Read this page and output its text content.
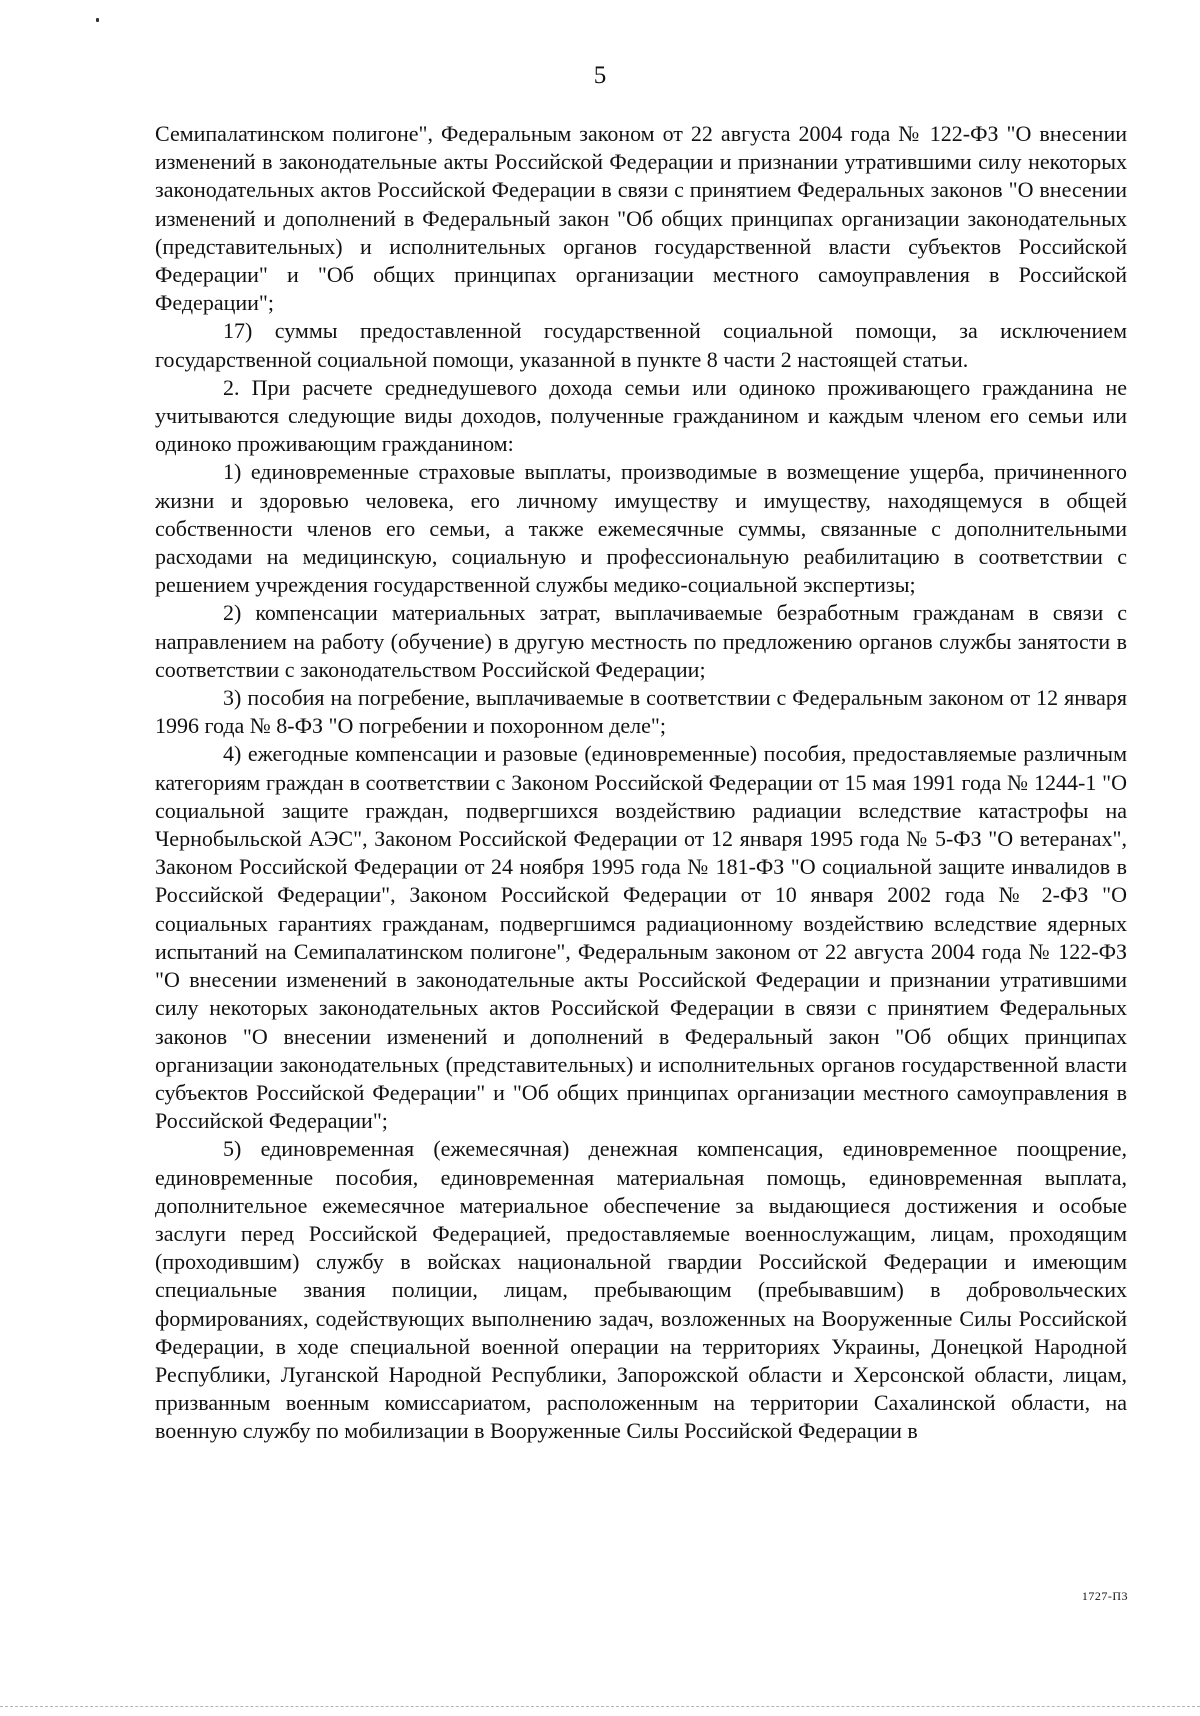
5

Семипалатинском полигоне", Федеральным законом от 22 августа 2004 года № 122-ФЗ "О внесении изменений в законодательные акты Российской Федерации и признании утратившими силу некоторых законодательных актов Российской Федерации в связи с принятием Федеральных законов "О внесении изменений и дополнений в Федеральный закон "Об общих принципах организации законодательных (представительных) и исполнительных органов государственной власти субъектов Российской Федерации" и "Об общих принципах организации местного самоуправления в Российской Федерации";

17) суммы предоставленной государственной социальной помощи, за исключением государственной социальной помощи, указанной в пункте 8 части 2 настоящей статьи.

2. При расчете среднедушевого дохода семьи или одиноко проживающего гражданина не учитываются следующие виды доходов, полученные гражданином и каждым членом его семьи или одиноко проживающим гражданином:

1) единовременные страховые выплаты, производимые в возмещение ущерба, причиненного жизни и здоровью человека, его личному имуществу и имуществу, находящемуся в общей собственности членов его семьи, а также ежемесячные суммы, связанные с дополнительными расходами на медицинскую, социальную и профессиональную реабилитацию в соответствии с решением учреждения государственной службы медико-социальной экспертизы;

2) компенсации материальных затрат, выплачиваемые безработным гражданам в связи с направлением на работу (обучение) в другую местность по предложению органов службы занятости в соответствии с законодательством Российской Федерации;

3) пособия на погребение, выплачиваемые в соответствии с Федеральным законом от 12 января 1996 года № 8-ФЗ "О погребении и похоронном деле";

4) ежегодные компенсации и разовые (единовременные) пособия, предоставляемые различным категориям граждан в соответствии с Законом Российской Федерации от 15 мая 1991 года № 1244-1 "О социальной защите граждан, подвергшихся воздействию радиации вследствие катастрофы на Чернобыльской АЭС", Законом Российской Федерации от 12 января 1995 года № 5-ФЗ "О ветеранах", Законом Российской Федерации от 24 ноября 1995 года № 181-ФЗ "О социальной защите инвалидов в Российской Федерации", Законом Российской Федерации от 10 января 2002 года № 2-ФЗ "О социальных гарантиях гражданам, подвергшимся радиационному воздействию вследствие ядерных испытаний на Семипалатинском полигоне", Федеральным законом от 22 августа 2004 года № 122-ФЗ "О внесении изменений в законодательные акты Российской Федерации и признании утратившими силу некоторых законодательных актов Российской Федерации в связи с принятием Федеральных законов "О внесении изменений и дополнений в Федеральный закон "Об общих принципах организации законодательных (представительных) и исполнительных органов государственной власти субъектов Российской Федерации" и "Об общих принципах организации местного самоуправления в Российской Федерации";

5) единовременная (ежемесячная) денежная компенсация, единовременное поощрение, единовременные пособия, единовременная материальная помощь, единовременная выплата, дополнительное ежемесячное материальное обеспечение за выдающиеся достижения и особые заслуги перед Российской Федерацией, предоставляемые военнослужащим, лицам, проходящим (проходившим) службу в войсках национальной гвардии Российской Федерации и имеющим специальные звания полиции, лицам, пребывающим (пребывавшим) в добровольческих формированиях, содействующих выполнению задач, возложенных на Вооруженные Силы Российской Федерации, в ходе специальной военной операции на территориях Украины, Донецкой Народной Республики, Луганской Народной Республики, Запорожской области и Херсонской области, лицам, призванным военным комиссариатом, расположенным на территории Сахалинской области, на военную службу по мобилизации в Вооруженные Силы Российской Федерации в

1727-П3
